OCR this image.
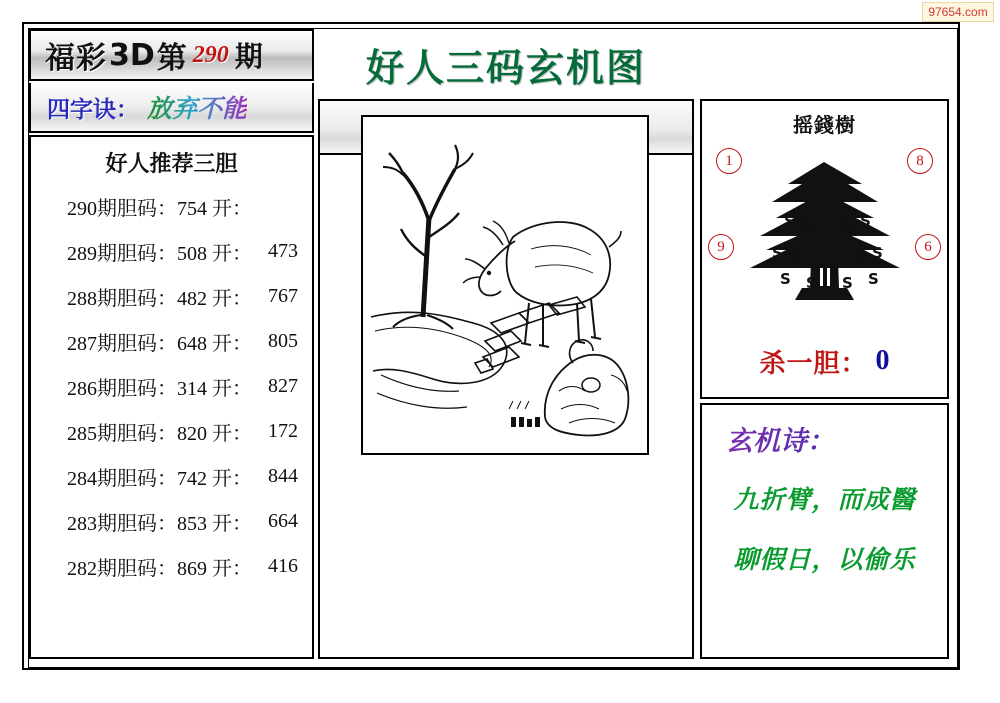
97654.com
福彩 3D 第 290 期
四字诀： 放弃不能
好人推荐三胆
290期胆码：754 开：
289期胆码：508 开： 473
288期胆码：482 开： 767
287期胆码：648 开： 805
286期胆码：314 开： 827
285期胆码：820 开： 172
284期胆码：742 开： 844
283期胆码：853 开： 664
282期胆码：869 开： 416
好人三码玄机图
摇錢樹
1	8
9	6
S S S S
S S	S S
S S S S
杀一胆： 0
玄机诗：
九折臂，而成醫
聊假日，以偷乐
